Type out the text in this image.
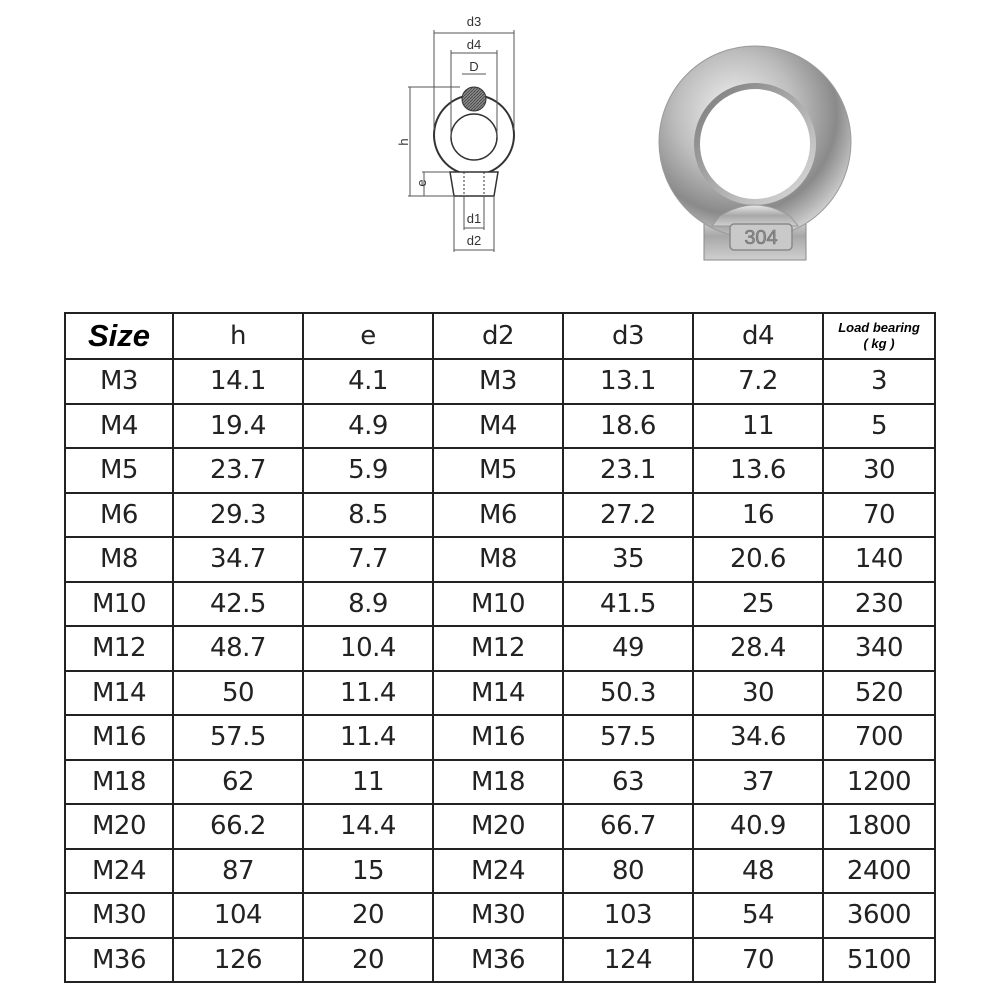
d3
d4
D
h
e
d1
d2	304
Size	h	e	d2	d3	d4	Load bearing
( kg )

M3	14.1	4.1	M3	13.1	7.2	3
M4	19.4	4.9	M4	18.6	11	5
M5	23.7	5.9	M5	23.1	13.6	30
M6	29.3	8.5	M6	27.2	16	70
M8	34.7	7.7	M8	35	20.6	140
M10	42.5	8.9	M10	41.5	25	230
M12	48.7	10.4	M12	49	28.4	340
M14	50	11.4	M14	50.3	30	520
M16	57.5	11.4	M16	57.5	34.6	700
M18	62	11	M18	63	37	1200
M20	66.2	14.4	M20	66.7	40.9	1800
M24	87	15	M24	80	48	2400
M30	104	20	M30	103	54	3600
M36	126	20	M36	124	70	5100
